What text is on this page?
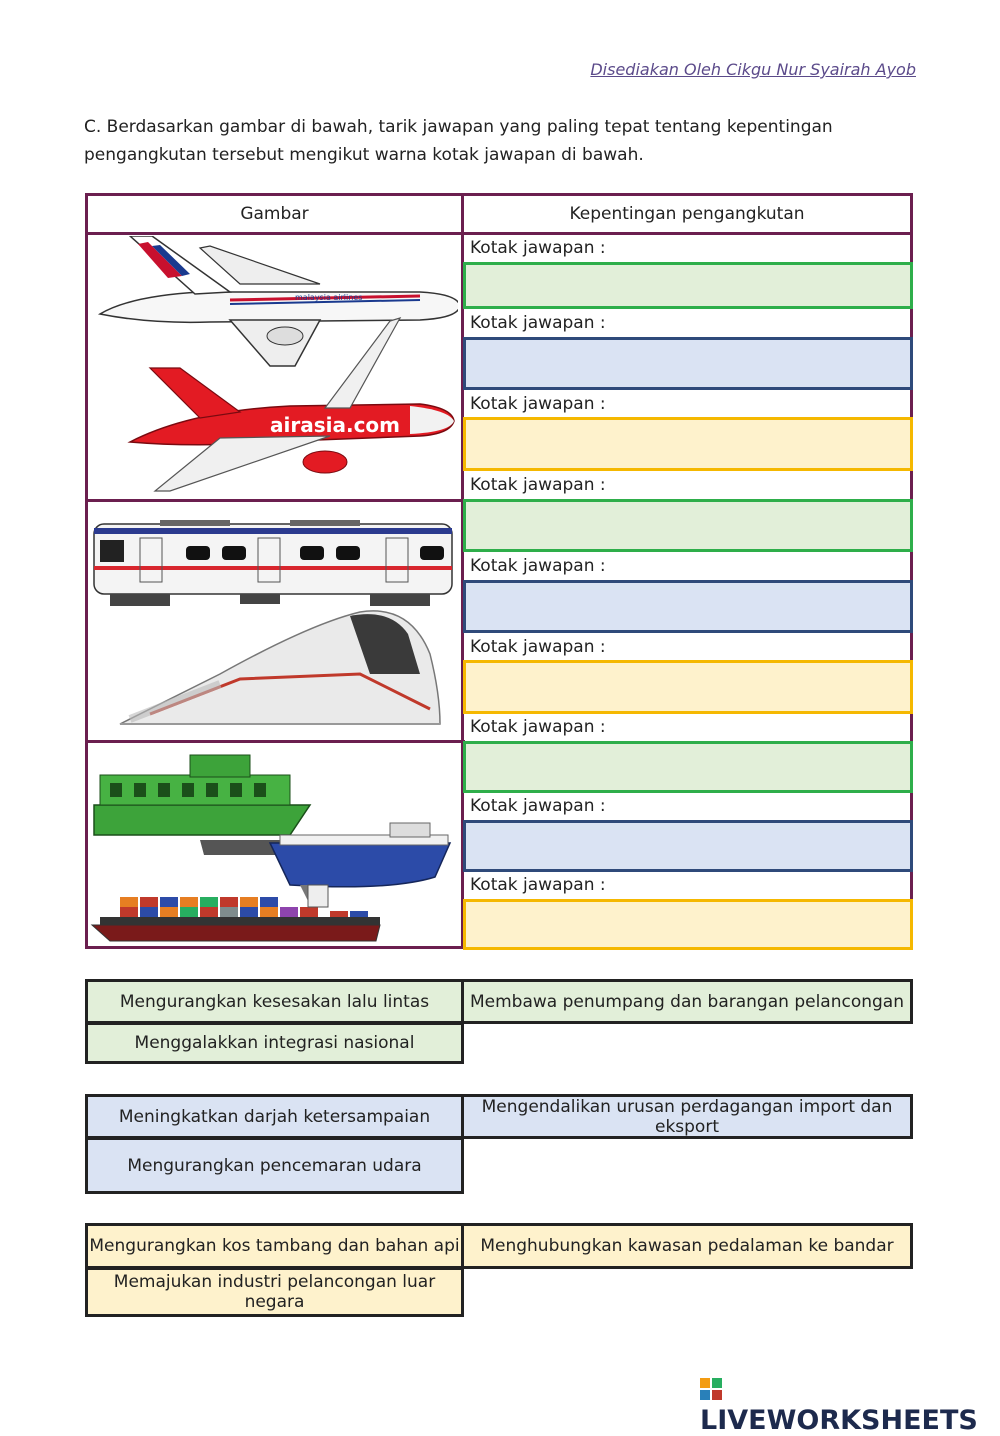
Disediakan Oleh Cikgu Nur Syairah Ayob
C. Berdasarkan gambar di bawah, tarik jawapan yang paling tepat tentang kepentingan pengangkutan tersebut mengikut warna kotak jawapan di bawah.
Gambar	Kepentingan pengangkutan
malaysia airlines
airasia.com
Kotak jawapan :
Kotak jawapan :
Kotak jawapan :
Kotak jawapan :
Kotak jawapan :
Kotak jawapan :
Kotak jawapan :
Kotak jawapan :
Kotak jawapan :
Mengurangkan kesesakan lalu lintas	Membawa penumpang dan barangan pelancongan
Menggalakkan integrasi nasional
Meningkatkan darjah ketersampaian	Mengendalikan urusan perdagangan import dan eksport
Mengurangkan pencemaran udara
Mengurangkan kos tambang dan bahan api	Menghubungkan kawasan pedalaman ke bandar
Memajukan industri pelancongan luar negara
LIVEWORKSHEETS
